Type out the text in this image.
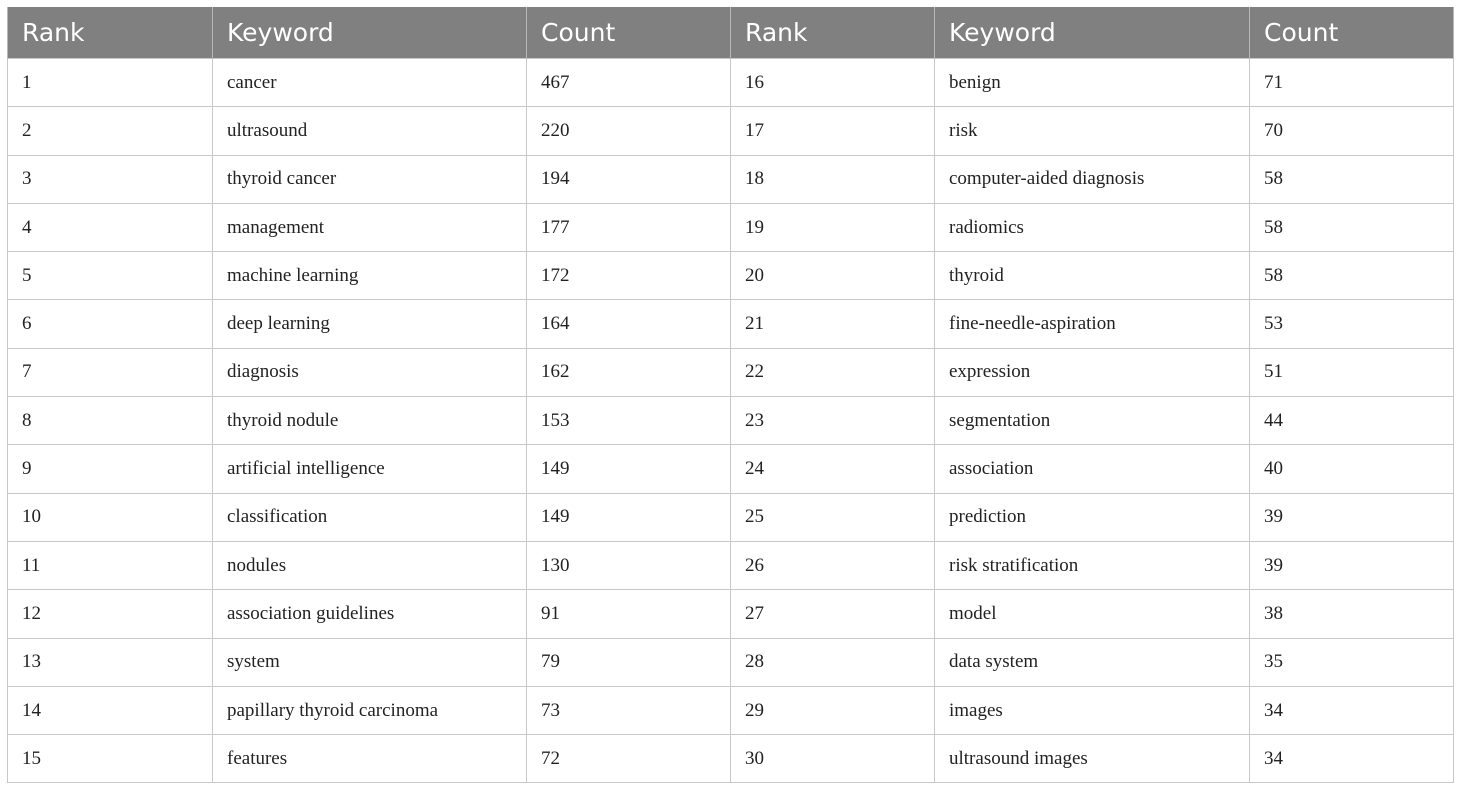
Rank	Keyword	Count	Rank	Keyword	Count
1	cancer	467	16	benign	71
2	ultrasound	220	17	risk	70
3	thyroid cancer	194	18	computer-aided diagnosis	58
4	management	177	19	radiomics	58
5	machine learning	172	20	thyroid	58
6	deep learning	164	21	fine-needle-aspiration	53
7	diagnosis	162	22	expression	51
8	thyroid nodule	153	23	segmentation	44
9	artificial intelligence	149	24	association	40
10	classification	149	25	prediction	39
11	nodules	130	26	risk stratification	39
12	association guidelines	91	27	model	38
13	system	79	28	data system	35
14	papillary thyroid carcinoma	73	29	images	34
15	features	72	30	ultrasound images	34
